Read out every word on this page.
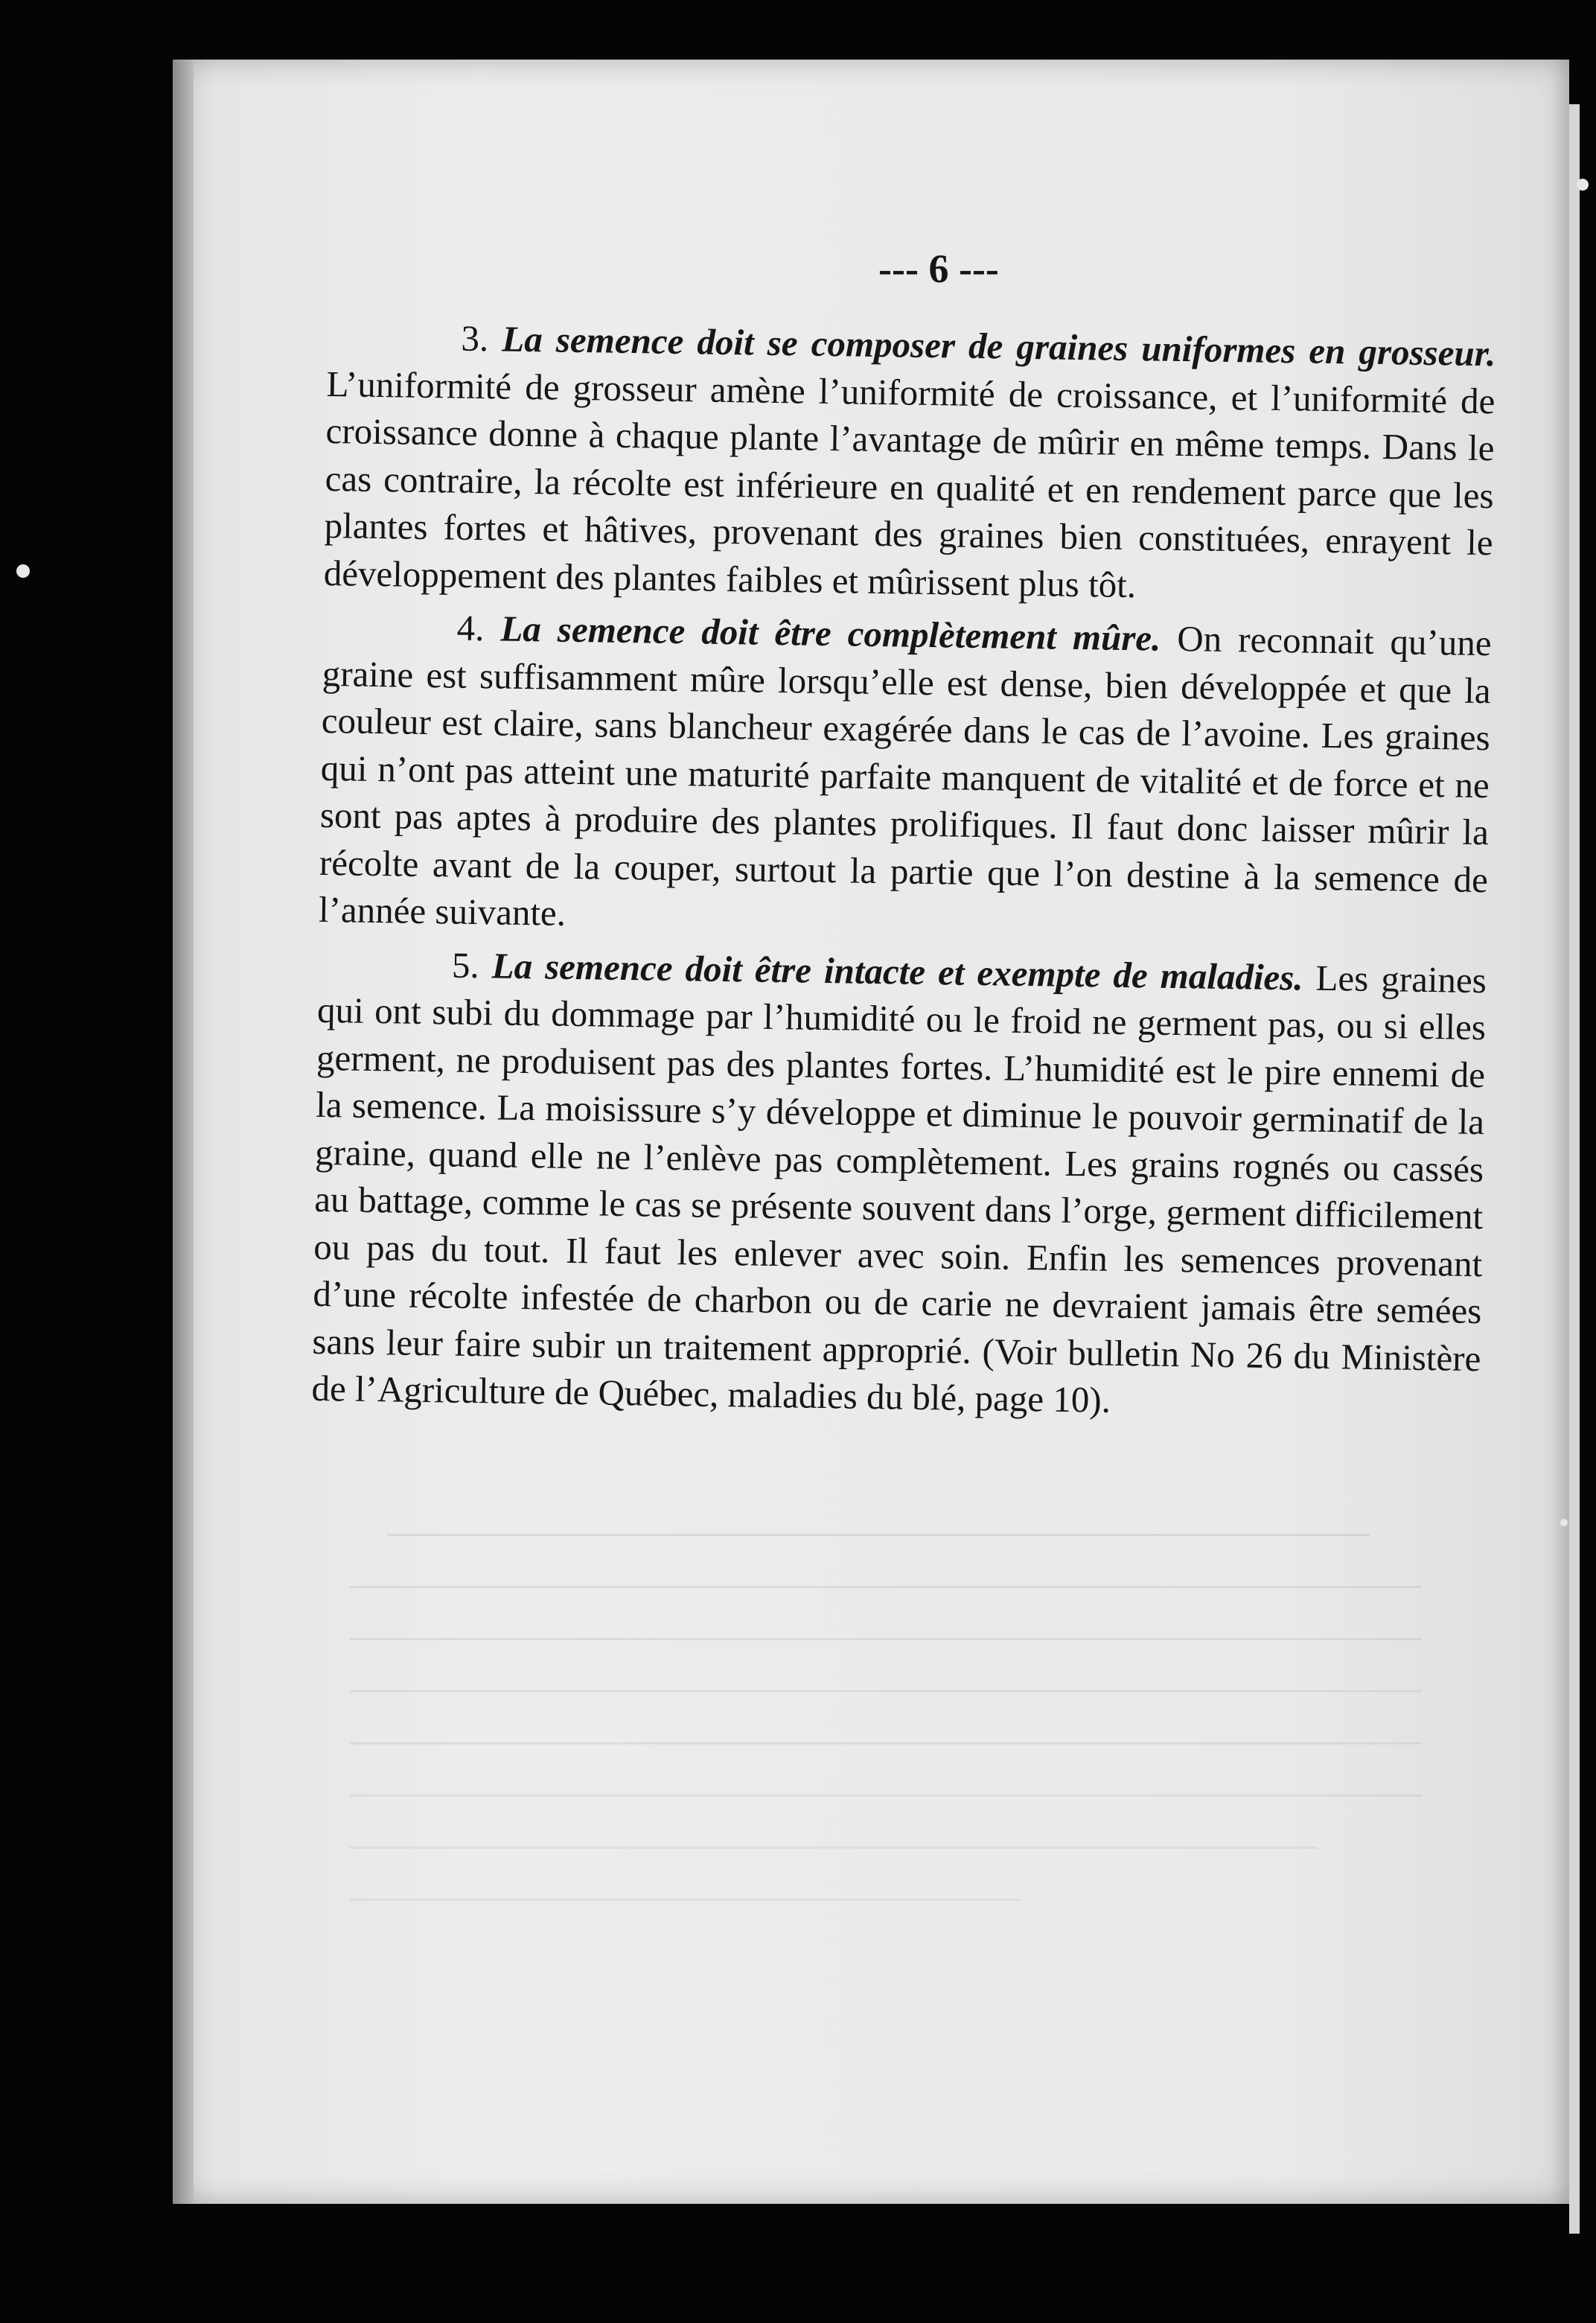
--- 6 ---

3. La semence doit se composer de graines uniformes en grosseur. L’uniformité de grosseur amène l’uniformité de croissance, et l’uniformité de croissance donne à chaque plante l’avantage de mûrir en même temps. Dans le cas contraire, la récolte est inférieure en qualité et en rendement parce que les plantes fortes et hâtives, provenant des graines bien constituées, enrayent le développement des plantes faibles et mûrissent plus tôt.

4. La semence doit être complètement mûre. On reconnait qu’une graine est suffisamment mûre lorsqu’elle est dense, bien développée et que la couleur est claire, sans blancheur exagérée dans le cas de l’avoine. Les graines qui n’ont pas atteint une maturité parfaite manquent de vitalité et de force et ne sont pas aptes à produire des plantes prolifiques. Il faut donc laisser mûrir la récolte avant de la couper, surtout la partie que l’on destine à la semence de l’année suivante.

5. La semence doit être intacte et exempte de maladies. Les graines qui ont subi du dommage par l’humidité ou le froid ne germent pas, ou si elles germent, ne produisent pas des plantes fortes. L’humidité est le pire ennemi de la semence. La moisissure s’y développe et diminue le pouvoir germinatif de la graine, quand elle ne l’enlève pas complètement. Les grains rognés ou cassés au battage, comme le cas se présente souvent dans l’orge, germent difficilement ou pas du tout. Il faut les enlever avec soin. Enfin les semences provenant d’une récolte infestée de charbon ou de carie ne devraient jamais être semées sans leur faire subir un traitement approprié. (Voir bulletin No 26 du Ministère de l’Agriculture de Québec, maladies du blé, page 10).
